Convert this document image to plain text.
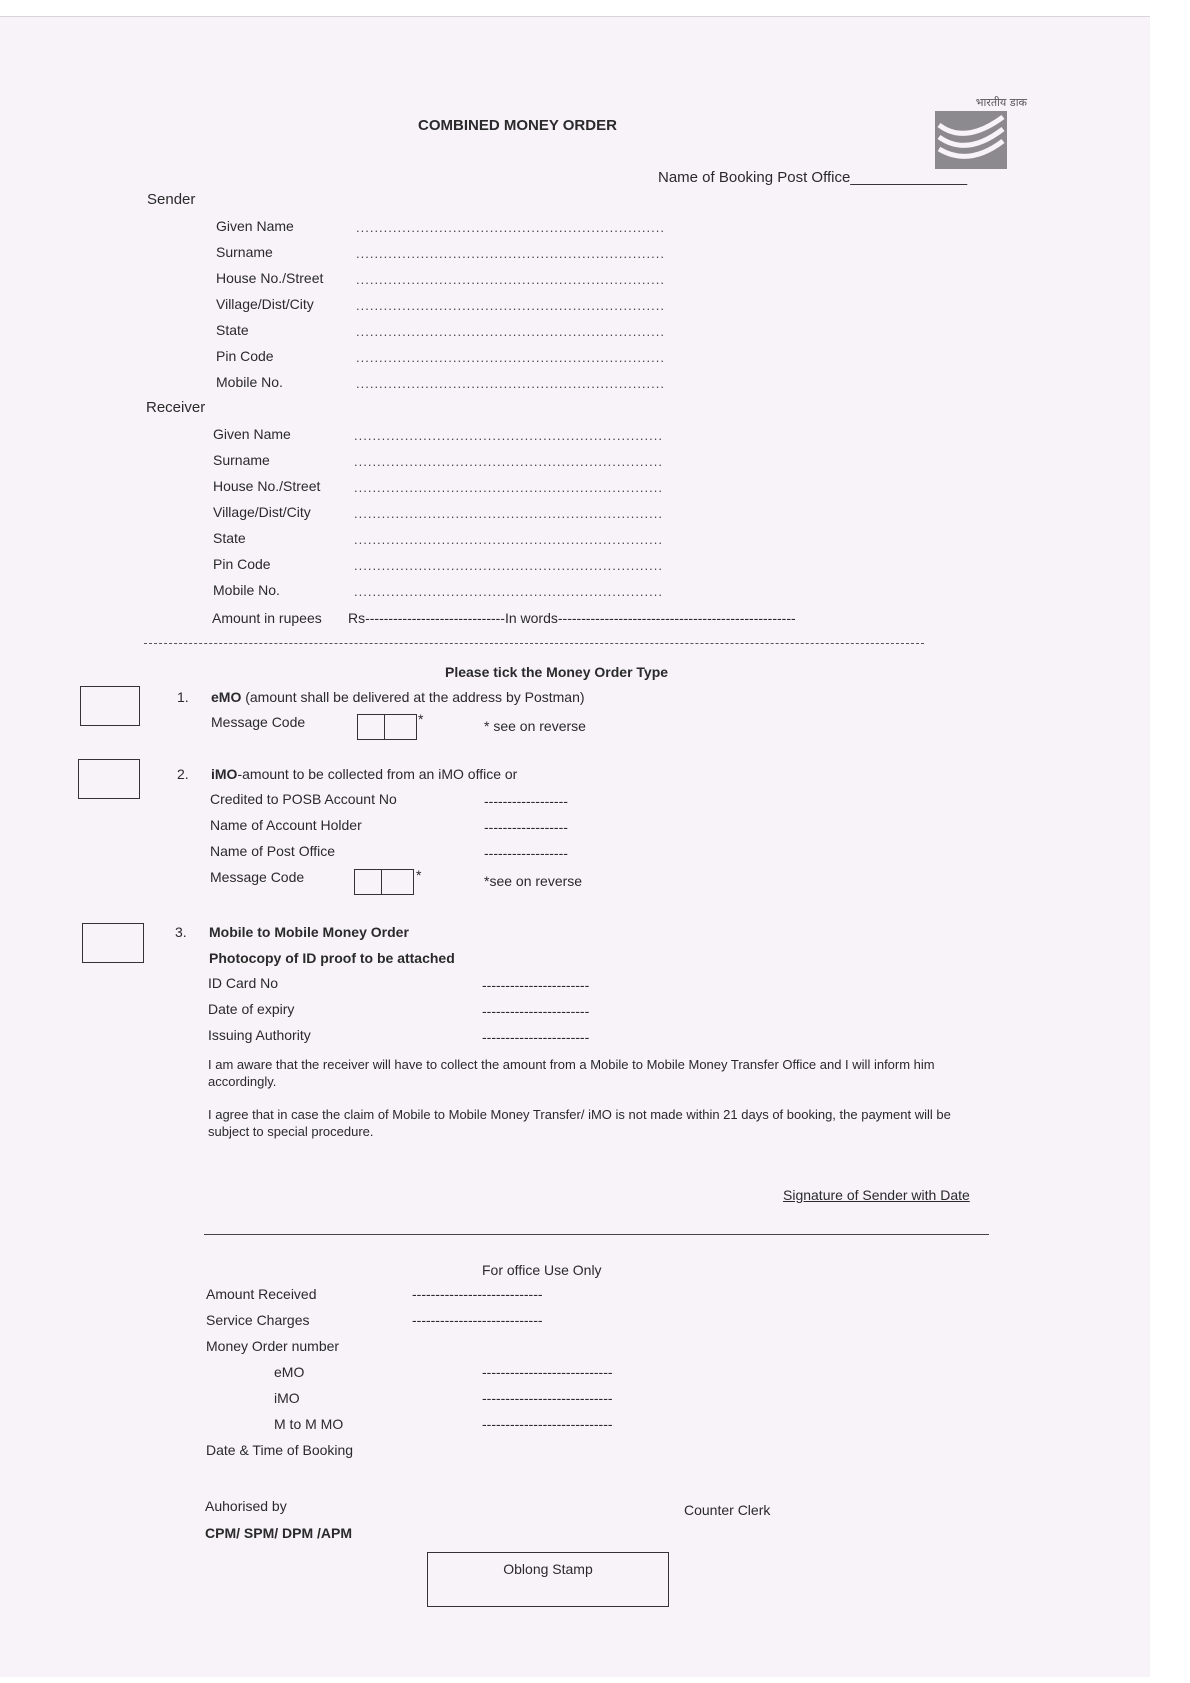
COMBINED MONEY ORDER
भारतीय डाक
Name of Booking Post Office______________
Sender
Given Name	...................................................................
Surname	...................................................................
House No./Street	...................................................................
Village/Dist/City	...................................................................
State	...................................................................
Pin Code	...................................................................
Mobile No.	...................................................................
Receiver
Given Name	...................................................................
Surname	...................................................................
House No./Street	...................................................................
Village/Dist/City	...................................................................
State	...................................................................
Pin Code	...................................................................
Mobile No.	...................................................................
Amount in rupees Rs------------------------------In words---------------------------------------------------
Please tick the Money Order Type
1. eMO (amount shall be delivered at the address by Postman)
Message Code	*	* see on reverse
2. iMO-amount to be collected from an iMO office or
Credited to POSB Account No	------------------
Name of Account Holder	------------------
Name of Post Office	------------------
Message Code	*	*see on reverse
3. Mobile to Mobile Money Order
Photocopy of ID proof to be attached
ID Card No	-----------------------
Date of expiry	-----------------------
Issuing Authority	-----------------------
I am aware that the receiver will have to collect the amount from a Mobile to Mobile Money Transfer Office and I will inform him accordingly.
I agree that in case the claim of Mobile to Mobile Money Transfer/ iMO is not made within 21 days of booking, the payment will be subject to special procedure.
Signature of Sender with Date
For office Use Only
Amount Received	----------------------------
Service Charges	----------------------------
Money Order number
eMO	----------------------------
iMO	----------------------------
M to M MO	----------------------------
Date & Time of Booking
Auhorised by
CPM/ SPM/ DPM /APM
Counter Clerk
Oblong Stamp
